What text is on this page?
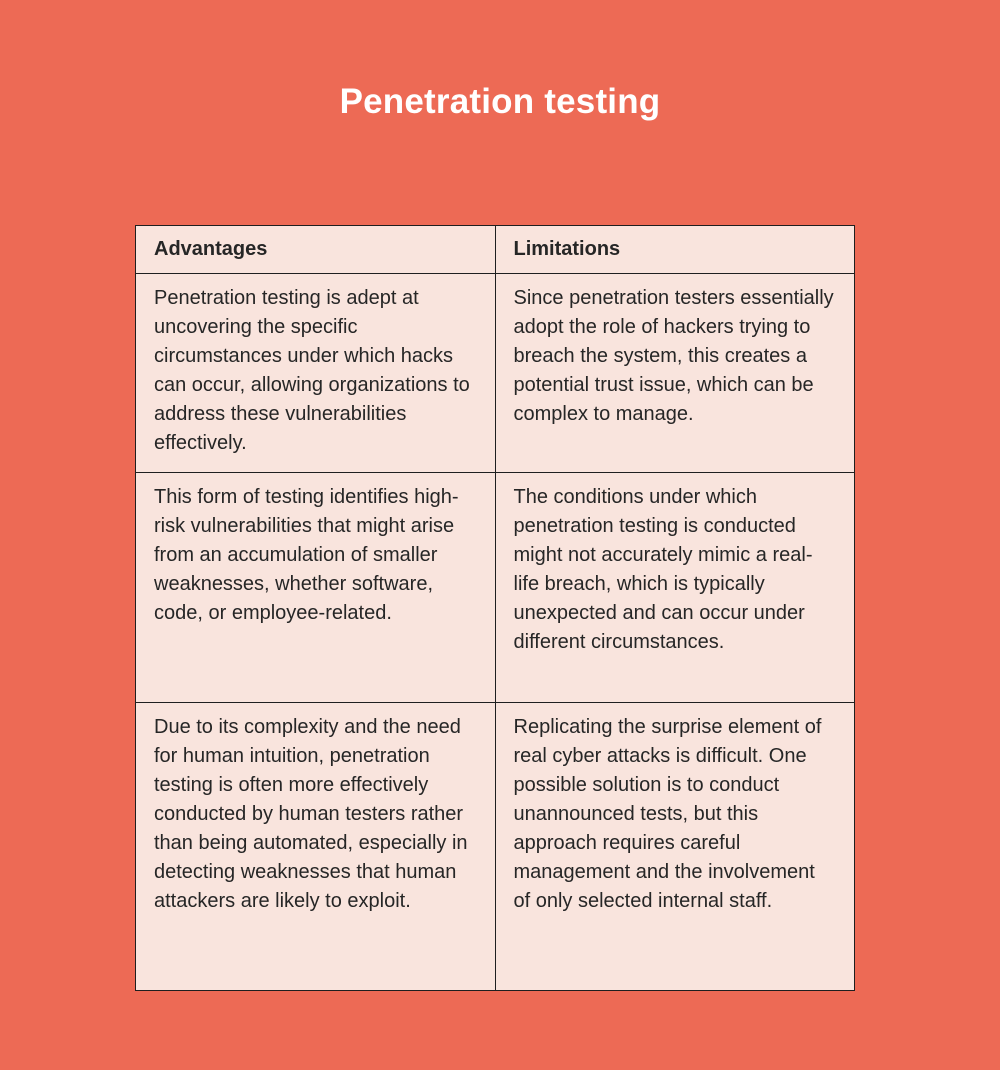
Penetration testing
Advantages	Limitations
Penetration testing is adept at uncovering the specific circumstances under which hacks can occur, allowing organizations to address these vulnerabilities effectively.	Since penetration testers essentially adopt the role of hackers trying to breach the system, this creates a potential trust issue, which can be complex to manage.
This form of testing identifies high-risk vulnerabilities that might arise from an accumulation of smaller weaknesses, whether software, code, or employee-related.	The conditions under which penetration testing is conducted might not accurately mimic a real-life breach, which is typically unexpected and can occur under different circumstances.
Due to its complexity and the need for human intuition, penetration testing is often more effectively conducted by human testers rather than being automated, especially in detecting weaknesses that human attackers are likely to exploit.	Replicating the surprise element of real cyber attacks is difficult. One possible solution is to conduct unannounced tests, but this approach requires careful management and the involvement of only selected internal staff.
